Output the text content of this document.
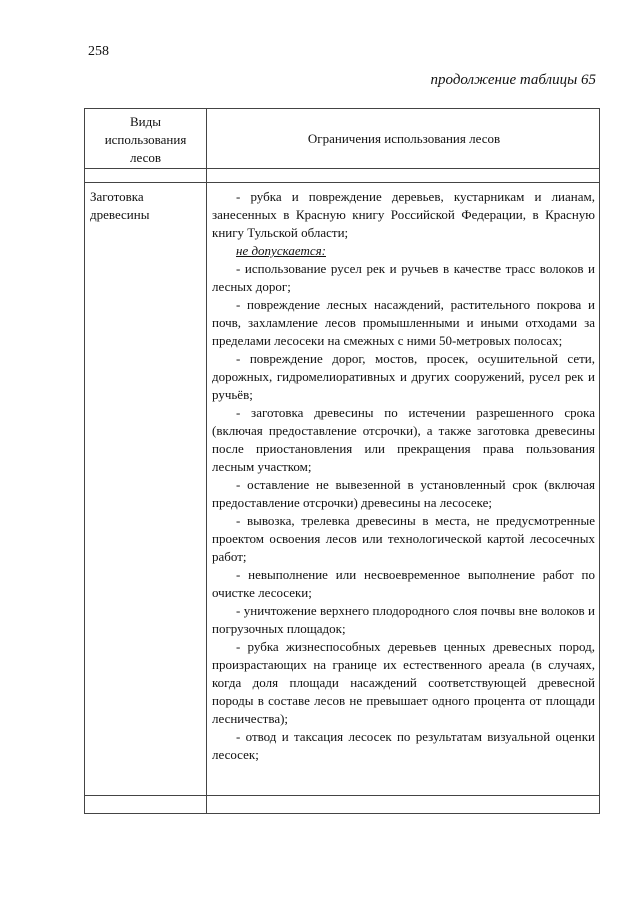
258
продолжение таблицы 65
Виды
использования
лесов
Ограничения использования лесов
Заготовка
древесины

- рубка и повреждение деревьев, кустарникам и лианам, занесенных в Красную книгу Российской Федерации, в Красную книгу Тульской области;

не допускается:

- использование русел рек и ручьев в качестве трасс волоков и лесных дорог;

- повреждение лесных насаждений, растительного покрова и почв, захламление лесов промышленными и иными отходами за пределами лесосеки на смежных с ними 50-метровых полосах;

- повреждение дорог, мостов, просек, осушительной сети, дорожных, гидромелиоративных и других сооружений, русел рек и ручьёв;

- заготовка древесины по истечении разрешенного срока (включая предоставление отсрочки), а также заготовка древесины после приостановления или прекращения права пользования лесным участком;

- оставление не вывезенной в установленный срок (включая предоставление отсрочки) древесины на лесосеке;

- вывозка, трелевка древесины в места, не предусмотренные проектом освоения лесов или технологической картой лесосечных работ;

- невыполнение или несвоевременное выполнение работ по очистке лесосеки;

- уничтожение верхнего плодородного слоя почвы вне волоков и погрузочных площадок;

- рубка жизнеспособных деревьев ценных древесных пород, произрастающих на границе их естественного ареала (в случаях, когда доля площади насаждений соответствующей древесной породы в составе лесов не превышает одного процента от площади лесничества);

- отвод и таксация лесосек по результатам визуальной оценки лесосек;
